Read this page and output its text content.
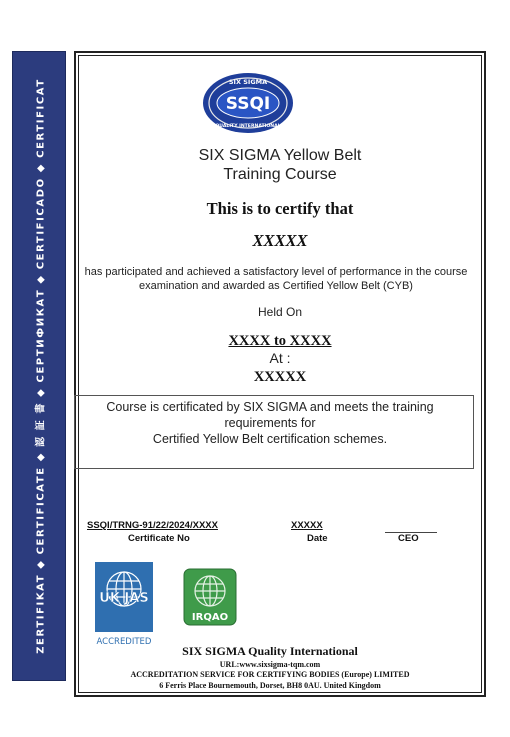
ZERTIFIKAT ◆ CERTIFICATE ◆ 認 証 書 ◆ СЕРТИФИКАТ ◆ CERTIFICADO ◆ CERTIFICAT	SIX SIGMA
SSQI
QUALITY INTERNATIONAL
SIX SIGMA Yellow Belt
Training Course
This is to certify that
XXXXX
has participated and achieved a satisfactory level of performance in the course
examination and awarded as Certified Yellow Belt (CYB)
Held On
XXXX to XXXX
At :
XXXXX
Course is certificated by SIX SIGMA and meets the training
requirements for
Certified Yellow Belt certification schemes.
SSQI/TRNG-91/22/2024/XXXX
Certificate No
XXXXX
Date	CEO
UK JAS
ACCREDITED
IRQAO
SIX SIGMA Quality International
URL:www.sixsigma-tqm.com
ACCREDITATION SERVICE FOR CERTIFYING BODIES (Europe) LIMITED
6 Ferris Place Bournemouth, Dorset, BH8 0AU. United Kingdom
